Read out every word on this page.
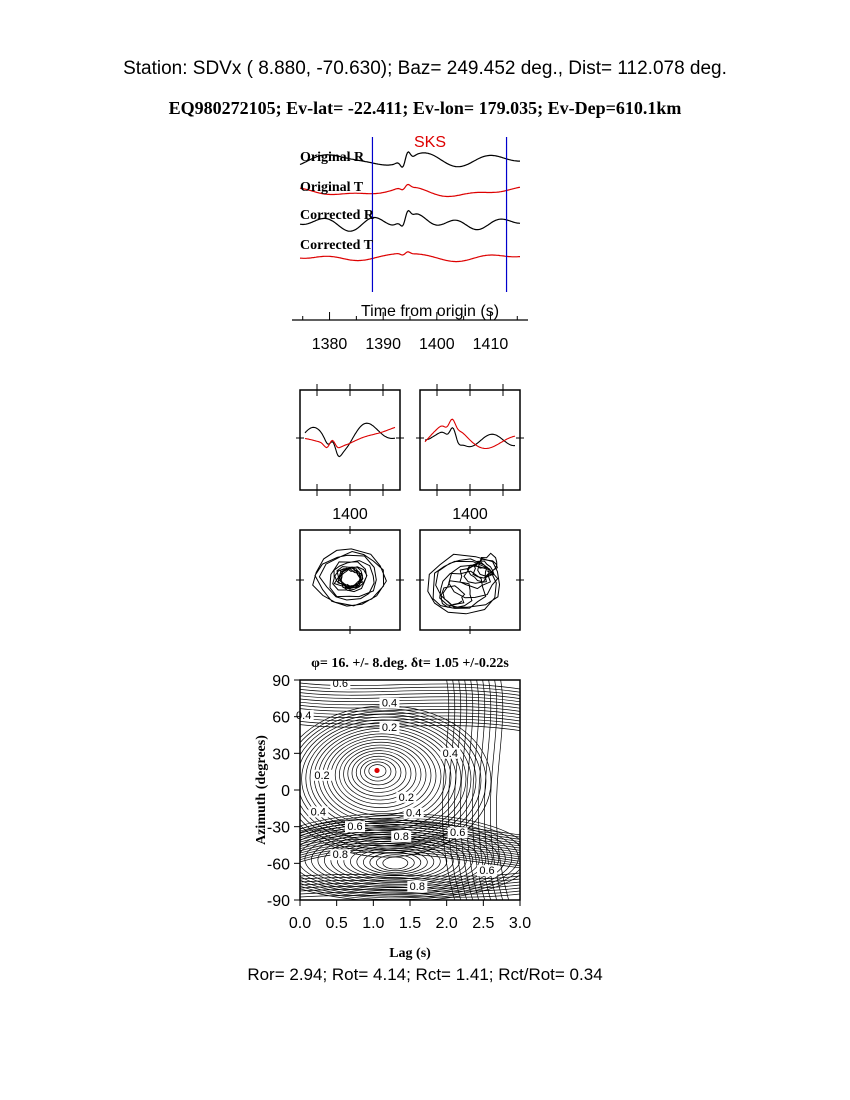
Station: SDVx ( 8.880, -70.630); Baz= 249.452 deg., Dist= 112.078 deg.
EQ980272105; Ev-lat= -22.411; Ev-lon= 179.035; Ev-Dep=610.1km
Ror= 2.94; Rot= 4.14; Rct= 1.41; Rct/Rot= 0.34
Original R
Original T
Corrected R
Corrected T
SKS
Time from origin (s)
1380 1390 1400 1410
1400	1400
φ= 16. +/- 8.deg. δt= 1.05 +/-0.22s
0.6
0.4
0.4
0.2
0.2
0.4
0.2
0.4	0.4
0.6
0.8	0.6
0.8
0.6
0.8
0.0 0.5 1.0 1.5 2.0 2.5 3.0
90
60
30
0
-30
-60
-90
Lag (s)
Azimuth (degrees)
